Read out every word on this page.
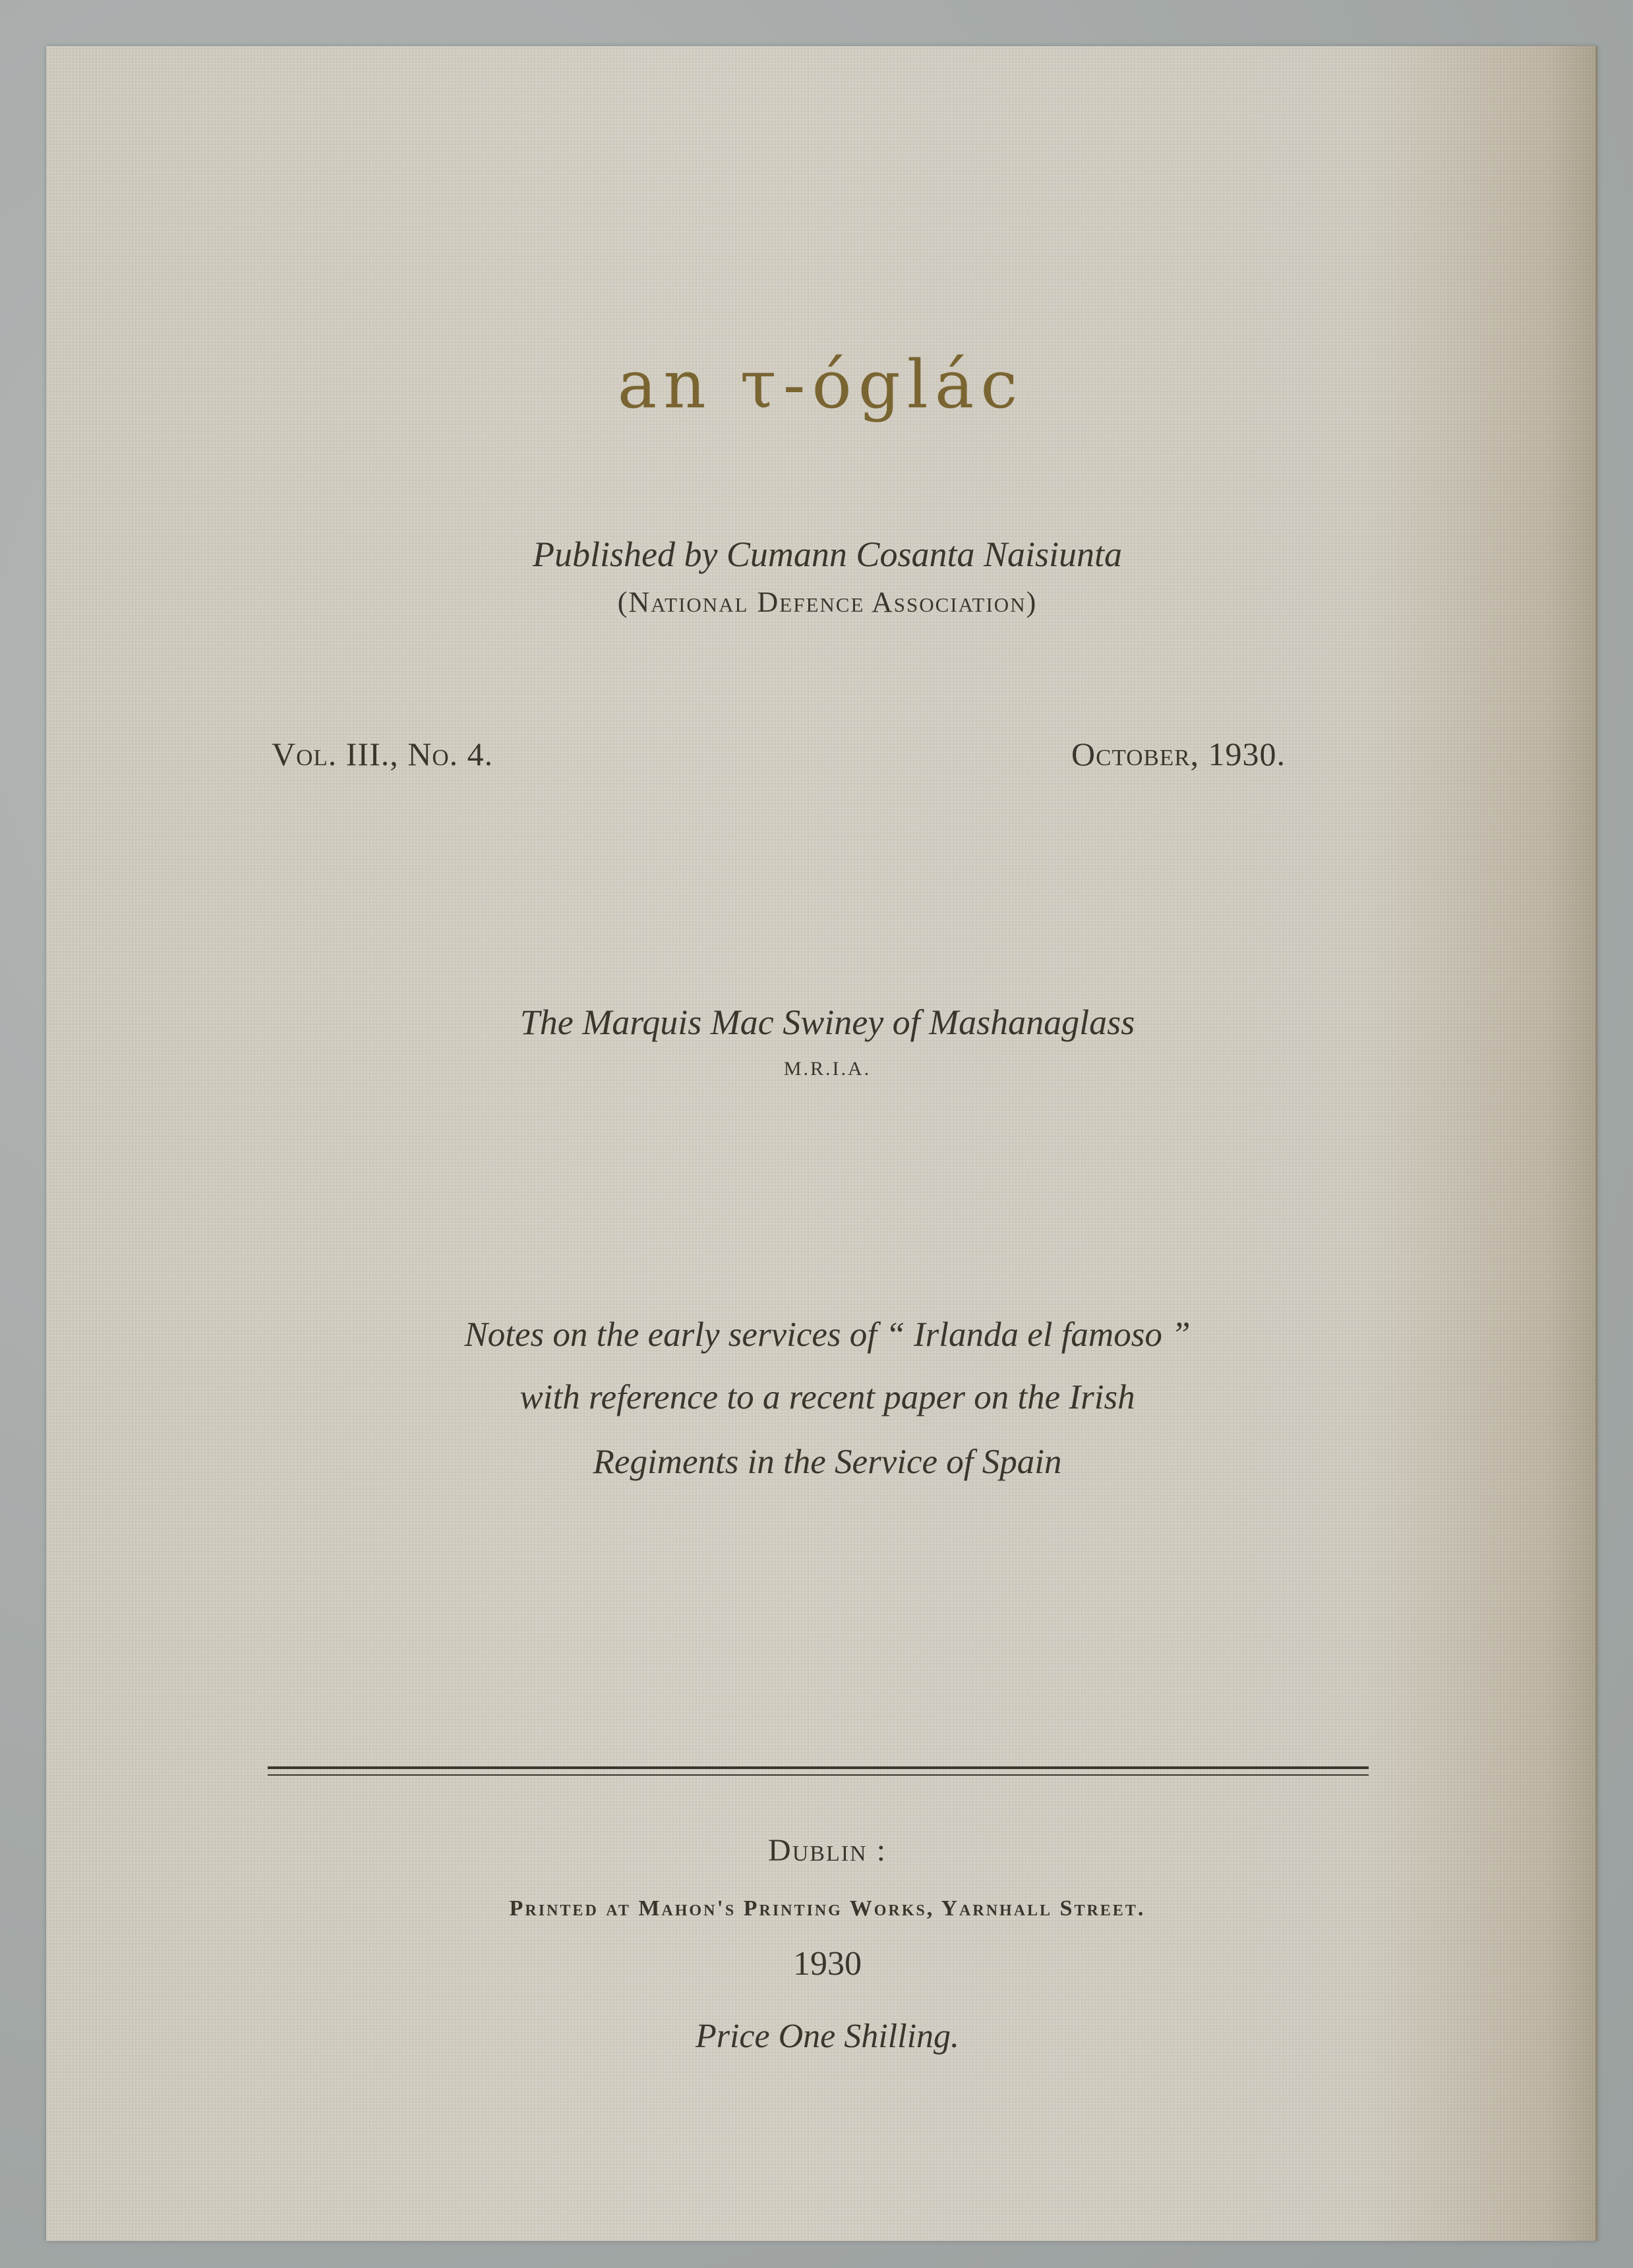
an τ-óglác

Published by Cumann Cosanta Naisiunta

(National Defence Association)

Vol. III., No. 4.	October, 1930.

The Marquis Mac Swiney of Mashanaglass

M.R.I.A.

Notes on the early services of “ Irlanda el famoso ”

with reference to a recent paper on the Irish

Regiments in the Service of Spain

Dublin :

Printed at Mahon's Printing Works, Yarnhall Street.

1930

Price One Shilling.
